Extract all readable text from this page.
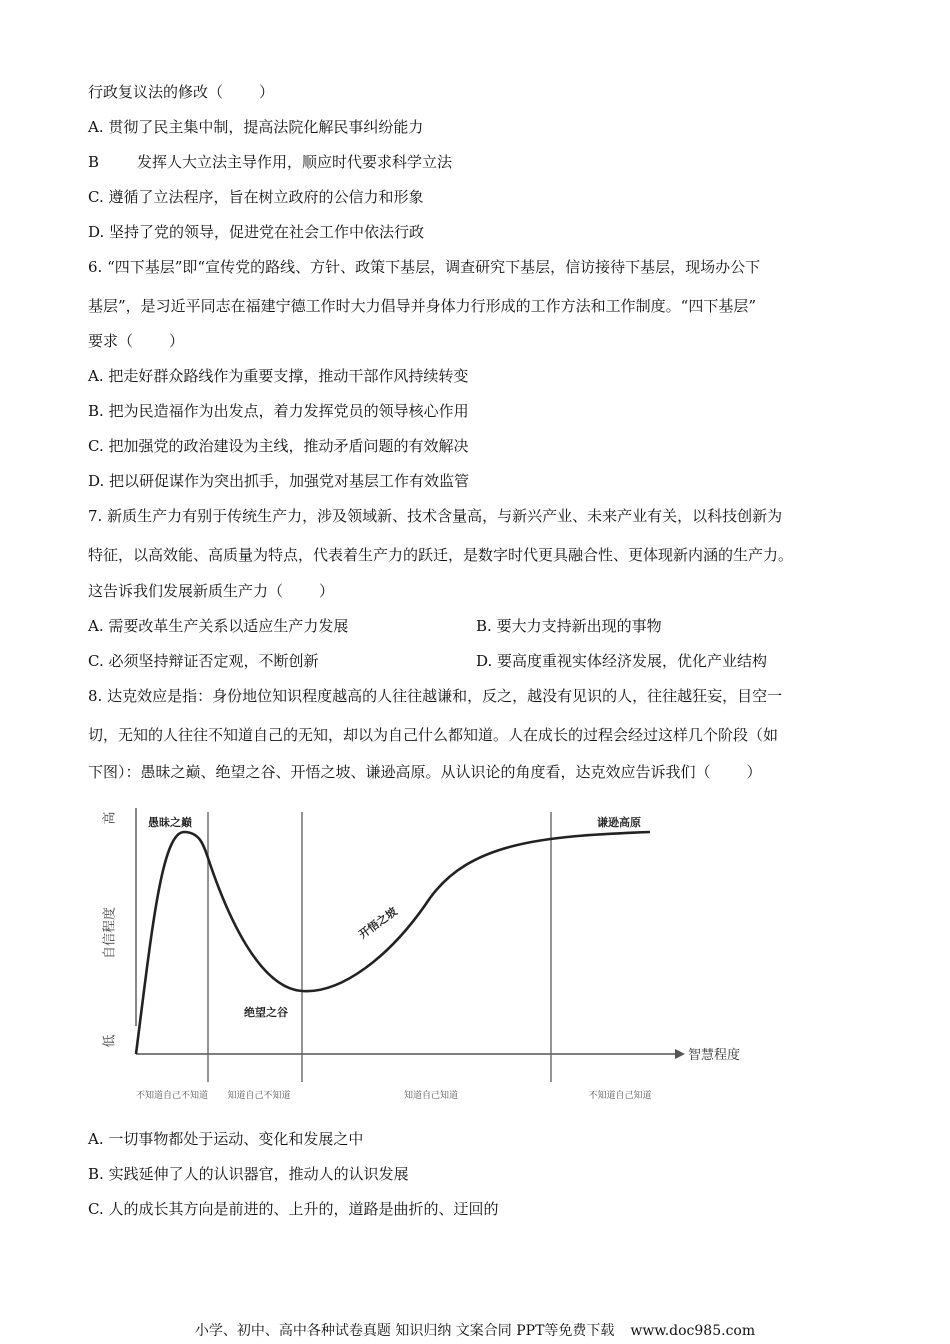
行政复议法的修改（ ）
A. 贯彻了民主集中制，提高法院化解民事纠纷能力
B	发挥人大立法主导作用，顺应时代要求科学立法
C. 遵循了立法程序，旨在树立政府的公信力和形象
D. 坚持了党的领导，促进党在社会工作中依法行政
6. “四下基层”即“宣传党的路线、方针、政策下基层，调查研究下基层，信访接待下基层，现场办公下
基层”，是习近平同志在福建宁德工作时大力倡导并身体力行形成的工作方法和工作制度。“四下基层”
要求（ ）
A. 把走好群众路线作为重要支撑，推动干部作风持续转变
B. 把为民造福作为出发点，着力发挥党员的领导核心作用
C. 把加强党的政治建设为主线，推动矛盾问题的有效解决
D. 把以研促谋作为突出抓手，加强党对基层工作有效监管
7. 新质生产力有别于传统生产力，涉及领域新、技术含量高，与新兴产业、未来产业有关，以科技创新为
特征，以高效能、高质量为特点，代表着生产力的跃迁，是数字时代更具融合性、更体现新内涵的生产力。
这告诉我们发展新质生产力（ ）
A. 需要改革生产关系以适应生产力发展	B. 要大力支持新出现的事物
C. 必须坚持辩证否定观，不断创新	D. 要高度重视实体经济发展，优化产业结构
8. 达克效应是指：身份地位知识程度越高的人往往越谦和，反之，越没有见识的人，往往越狂妄，目空一
切，无知的人往往不知道自己的无知，却以为自己什么都知道。人在成长的过程会经过这样几个阶段（如
下图）：愚昧之巅、绝望之谷、开悟之坡、谦逊高原。从认识论的角度看，达克效应告诉我们（ ）
高
自信程度
低
智慧程度
愚昧之巅
绝望之谷
开悟之坡
谦逊高原
不知道自己不知道 知道自己不知道	知道自己知道	不知道自己知道
A. 一切事物都处于运动、变化和发展之中
B. 实践延伸了人的认识器官，推动人的认识发展
C. 人的成长其方向是前进的、上升的，道路是曲折的、迂回的
小学、初中、高中各种试卷真题 知识归纳 文案合同 PPT等免费下载 www.doc985.com
